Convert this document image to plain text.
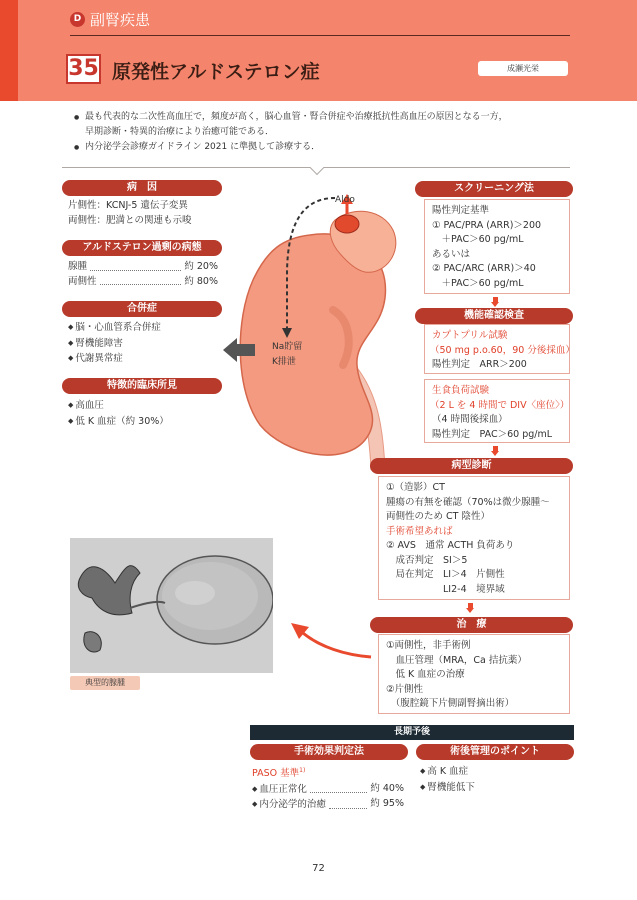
D 副腎疾患
35 原発性アルドステロン症	成瀬光栄
● 最も代表的な二次性高血圧で，頻度が高く，脳心血管・腎合併症や治療抵抗性高血圧の原因となる一方，
早期診断・特異的治療により治癒可能である．
● 内分泌学会診療ガイドライン 2021 に準拠して診療する．
病　因
片側性：KCNJ-5 遺伝子変異
両側性：肥満との関連も示唆
アルドステロン過剰の病態
腺腫	約 20%
両側性	約 80%
合併症
◆ 脳・心血管系合併症
◆ 腎機能障害
◆ 代謝異常症
特徴的臨床所見
◆ 高血圧
◆ 低 K 血症（約 30%）
Aldo
Na貯留
K排泄
スクリーニング法
陽性判定基準
① PAC/PRA (ARR)＞200
　＋PAC＞60 pg/mL
あるいは
② PAC/ARC (ARR)＞40
　＋PAC＞60 pg/mL
機能確認検査
カプトプリル試験
（50 mg p.o.60，90 分後採血）
陽性判定　ARR＞200
生食負荷試験
（2 L を 4 時間で DIV〈座位〉）
（4 時間後採血）
陽性判定　PAC＞60 pg/mL
病型診断
①（造影）CT
腫瘍の有無を確認（70%は微少腺腫～
両側性のため CT 陰性）
手術希望あれば
② AVS　通常 ACTH 負荷あり
　成否判定　SI＞5
　局在判定　LI＞4　片側性
　　　　　　LI2-4　境界域
治　療
①両側性，非手術例
　血圧管理（MRA，Ca 拮抗薬）
　低 K 血症の治療
②片側性
　（腹腔鏡下片側副腎摘出術）
典型的腺腫
長期予後
手術効果判定法	術後管理のポイント
PASO 基準$^{1)}$
◆ 血圧正常化	約 40%
◆ 内分泌学的治癒	約 95%
◆ 高 K 血症
◆ 腎機能低下
72
